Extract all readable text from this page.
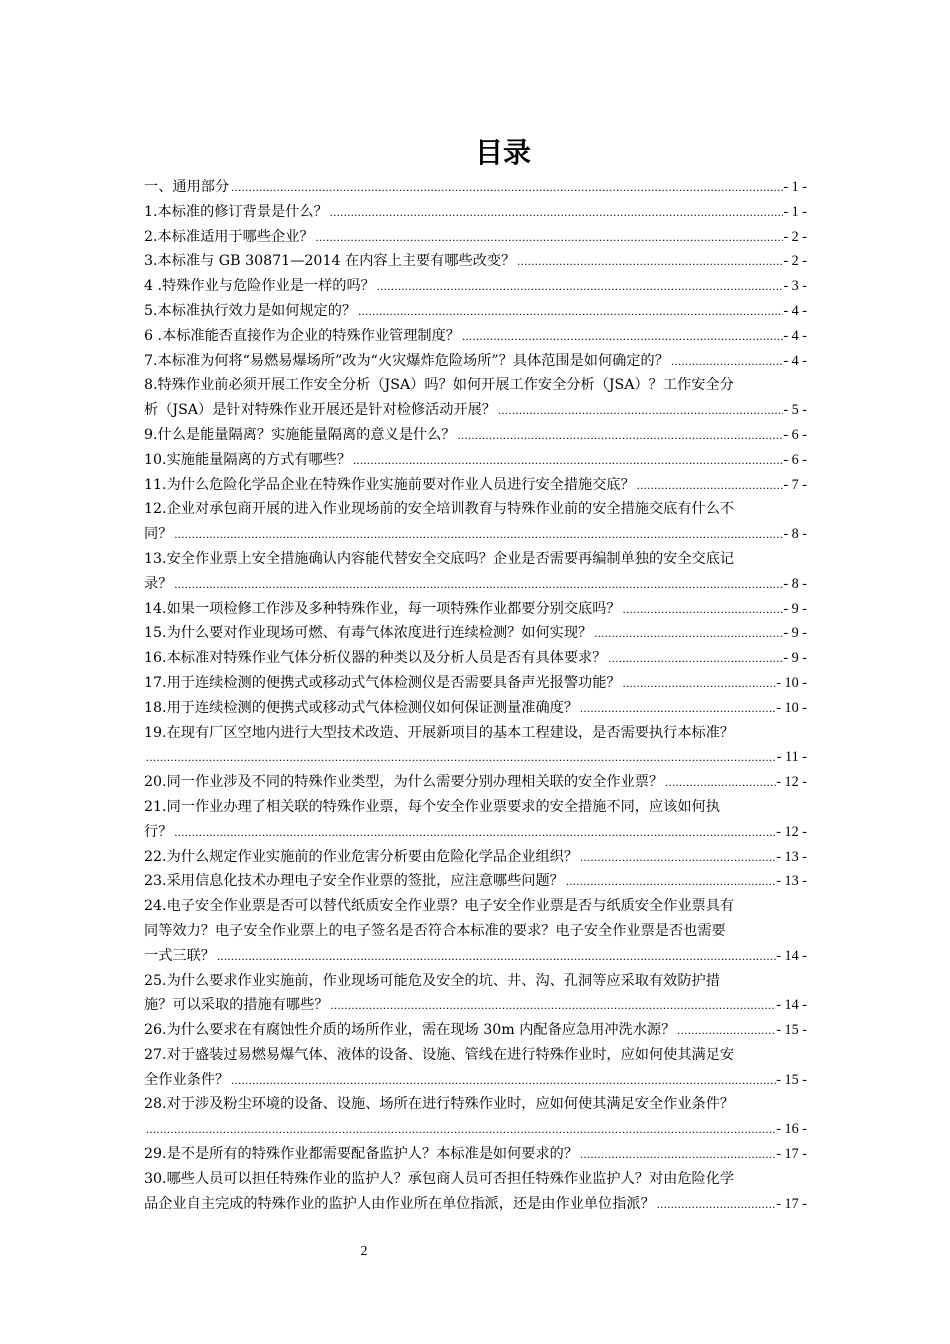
目录
一、通用部分 .....	- 1 -
1.本标准的修订背景是什么？ .....	- 1 -
2.本标准适用于哪些企业？ .....	- 2 -
3.本标准与 GB 30871—2014 在内容上主要有哪些改变？ .....	- 2 -
4 .特殊作业与危险作业是一样的吗？ .....	- 3 -
5.本标准执行效力是如何规定的？ .....	- 4 -
6 .本标准能否直接作为企业的特殊作业管理制度？ .....	- 4 -
7.本标准为何将“易燃易爆场所”改为“火灾爆炸危险场所”？具体范围是如何确定的？ .....	- 4 -
8.特殊作业前必须开展工作安全分析（JSA）吗？如何开展工作安全分析（JSA）？工作安全分
析（JSA）是针对特殊作业开展还是针对检修活动开展？ .....	- 5 -
9.什么是能量隔离？实施能量隔离的意义是什么？ .....	- 6 -
10.实施能量隔离的方式有哪些？ .....	- 6 -
11.为什么危险化学品企业在特殊作业实施前要对作业人员进行安全措施交底？ .....	- 7 -
12.企业对承包商开展的进入作业现场前的安全培训教育与特殊作业前的安全措施交底有什么不
同？ .....	- 8 -
13.安全作业票上安全措施确认内容能代替安全交底吗？企业是否需要再编制单独的安全交底记
录？ .....	- 8 -
14.如果一项检修工作涉及多种特殊作业，每一项特殊作业都要分别交底吗？ .....	- 9 -
15.为什么要对作业现场可燃、有毒气体浓度进行连续检测？如何实现？ .....	- 9 -
16.本标准对特殊作业气体分析仪器的种类以及分析人员是否有具体要求？ .....	- 9 -
17.用于连续检测的便携式或移动式气体检测仪是否需要具备声光报警功能？ .....	- 10 -
18.用于连续检测的便携式或移动式气体检测仪如何保证测量准确度？ .....	- 10 -
19.在现有厂区空地内进行大型技术改造、开展新项目的基本工程建设，是否需要执行本标准？
.....
- 11 -
20.同一作业涉及不同的特殊作业类型，为什么需要分别办理相关联的安全作业票？ .....	- 12 -
21.同一作业办理了相关联的特殊作业票，每个安全作业票要求的安全措施不同，应该如何执
行？ .....	- 12 -
22.为什么规定作业实施前的作业危害分析要由危险化学品企业组织？ .....	- 13 -
23.采用信息化技术办理电子安全作业票的签批，应注意哪些问题？ .....	- 13 -
24.电子安全作业票是否可以替代纸质安全作业票？电子安全作业票是否与纸质安全作业票具有
同等效力？电子安全作业票上的电子签名是否符合本标准的要求？电子安全作业票是否也需要
一式三联？ .....	- 14 -
25.为什么要求作业实施前，作业现场可能危及安全的坑、井、沟、孔洞等应采取有效防护措
施？可以采取的措施有哪些？ .....	- 14 -
26.为什么要求在有腐蚀性介质的场所作业，需在现场 30m 内配备应急用冲洗水源？ .....	- 15 -
27.对于盛装过易燃易爆气体、液体的设备、设施、管线在进行特殊作业时，应如何使其满足安
全作业条件？ .....	- 15 -
28.对于涉及粉尘环境的设备、设施、场所在进行特殊作业时，应如何使其满足安全作业条件？
.....
- 16 -
29.是不是所有的特殊作业都需要配备监护人？本标准是如何要求的？ .....	- 17 -
30.哪些人员可以担任特殊作业的监护人？承包商人员可否担任特殊作业监护人？对由危险化学
品企业自主完成的特殊作业的监护人由作业所在单位指派，还是由作业单位指派？ .....	- 17 -
2
